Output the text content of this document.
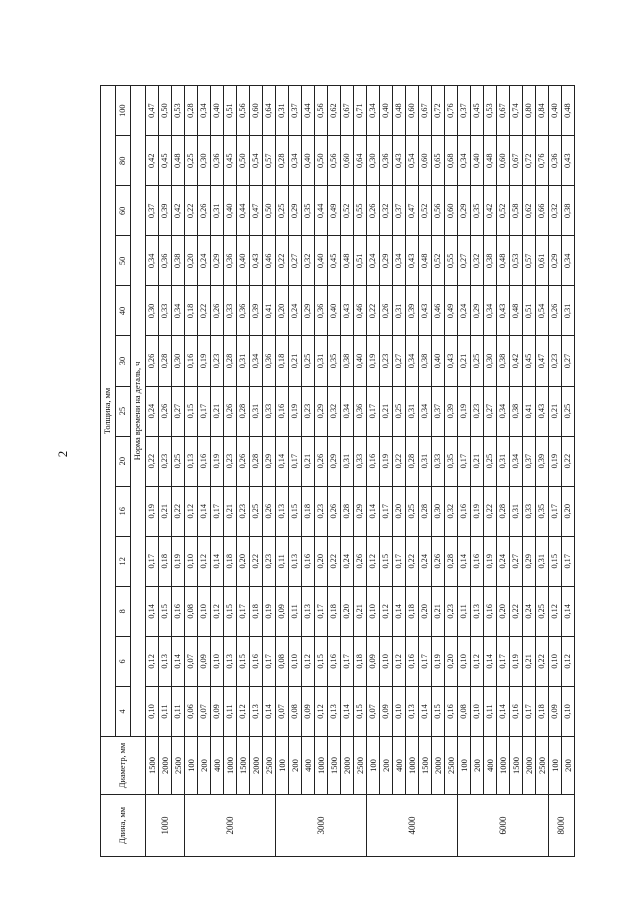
2
Длина, мм	Диаметр, мм	Толщина, мм												
		4	6	8	12	16	20	25	30	40	50	60	80	100
		Норма времени на деталь, ч												
1000	1500	0,10	0,12	0,14	0,17	0,19	0,22	0,24	0,26	0,30	0,34	0,37	0,42	0,47
	2000	0,11	0,13	0,15	0,18	0,21	0,23	0,26	0,28	0,33	0,36	0,39	0,45	0,50
	2500	0,11	0,14	0,16	0,19	0,22	0,25	0,27	0,30	0,34	0,38	0,42	0,48	0,53
2000	100	0,06	0,07	0,08	0,10	0,12	0,13	0,15	0,16	0,18	0,20	0,22	0,25	0,28
	200	0,07	0,09	0,10	0,12	0,14	0,16	0,17	0,19	0,22	0,24	0,26	0,30	0,34
	400	0,09	0,10	0,12	0,14	0,17	0,19	0,21	0,23	0,26	0,29	0,31	0,36	0,40
	1000	0,11	0,13	0,15	0,18	0,21	0,23	0,26	0,28	0,33	0,36	0,40	0,45	0,51
	1500	0,12	0,15	0,17	0,20	0,23	0,26	0,28	0,31	0,36	0,40	0,44	0,50	0,56
	2000	0,13	0,16	0,18	0,22	0,25	0,28	0,31	0,34	0,39	0,43	0,47	0,54	0,60
	2500	0,14	0,17	0,19	0,23	0,26	0,29	0,33	0,36	0,41	0,46	0,50	0,57	0,64
3000	100	0,07	0,08	0,09	0,11	0,13	0,14	0,16	0,18	0,20	0,22	0,25	0,28	0,31
	200	0,08	0,10	0,11	0,13	0,15	0,17	0,19	0,21	0,24	0,27	0,29	0,34	0,37
	400	0,09	0,12	0,13	0,16	0,18	0,21	0,23	0,25	0,29	0,32	0,35	0,40	0,44
	1000	0,12	0,15	0,17	0,20	0,23	0,26	0,29	0,31	0,36	0,40	0,44	0,50	0,56
	1500	0,13	0,16	0,18	0,22	0,26	0,29	0,32	0,35	0,40	0,45	0,49	0,56	0,62
	2000	0,14	0,17	0,20	0,24	0,28	0,31	0,34	0,38	0,43	0,48	0,52	0,60	0,67
	2500	0,15	0,18	0,21	0,26	0,29	0,33	0,36	0,40	0,46	0,51	0,55	0,64	0,71
4000	100	0,07	0,09	0,10	0,12	0,14	0,16	0,17	0,19	0,22	0,24	0,26	0,30	0,34
	200	0,09	0,10	0,12	0,15	0,17	0,19	0,21	0,23	0,26	0,29	0,32	0,36	0,40
	400	0,10	0,12	0,14	0,17	0,20	0,22	0,25	0,27	0,31	0,34	0,37	0,43	0,48
	1000	0,13	0,16	0,18	0,22	0,25	0,28	0,31	0,34	0,39	0,43	0,47	0,54	0,60
	1500	0,14	0,17	0,20	0,24	0,28	0,31	0,34	0,38	0,43	0,48	0,52	0,60	0,67
	2000	0,15	0,19	0,21	0,26	0,30	0,33	0,37	0,40	0,46	0,52	0,56	0,65	0,72
	2500	0,16	0,20	0,23	0,28	0,32	0,35	0,39	0,43	0,49	0,55	0,60	0,68	0,76
6000	100	0,08	0,10	0,11	0,14	0,16	0,17	0,19	0,21	0,24	0,27	0,29	0,34	0,37
	200	0,10	0,12	0,13	0,16	0,19	0,21	0,23	0,25	0,29	0,32	0,35	0,40	0,45
	400	0,11	0,14	0,16	0,19	0,22	0,25	0,27	0,30	0,34	0,38	0,42	0,48	0,53
	1000	0,14	0,17	0,20	0,24	0,28	0,31	0,34	0,38	0,43	0,48	0,52	0,60	0,67
	1500	0,16	0,19	0,22	0,27	0,31	0,34	0,38	0,42	0,48	0,53	0,58	0,67	0,74
	2000	0,17	0,21	0,24	0,29	0,33	0,37	0,41	0,45	0,51	0,57	0,62	0,72	0,80
	2500	0,18	0,22	0,25	0,31	0,35	0,39	0,43	0,47	0,54	0,61	0,66	0,76	0,84
8000	100	0,09	0,10	0,12	0,15	0,17	0,19	0,21	0,23	0,26	0,29	0,32	0,36	0,40
	200	0,10	0,12	0,14	0,17	0,20	0,22	0,25	0,27	0,31	0,34	0,38	0,43	0,48
